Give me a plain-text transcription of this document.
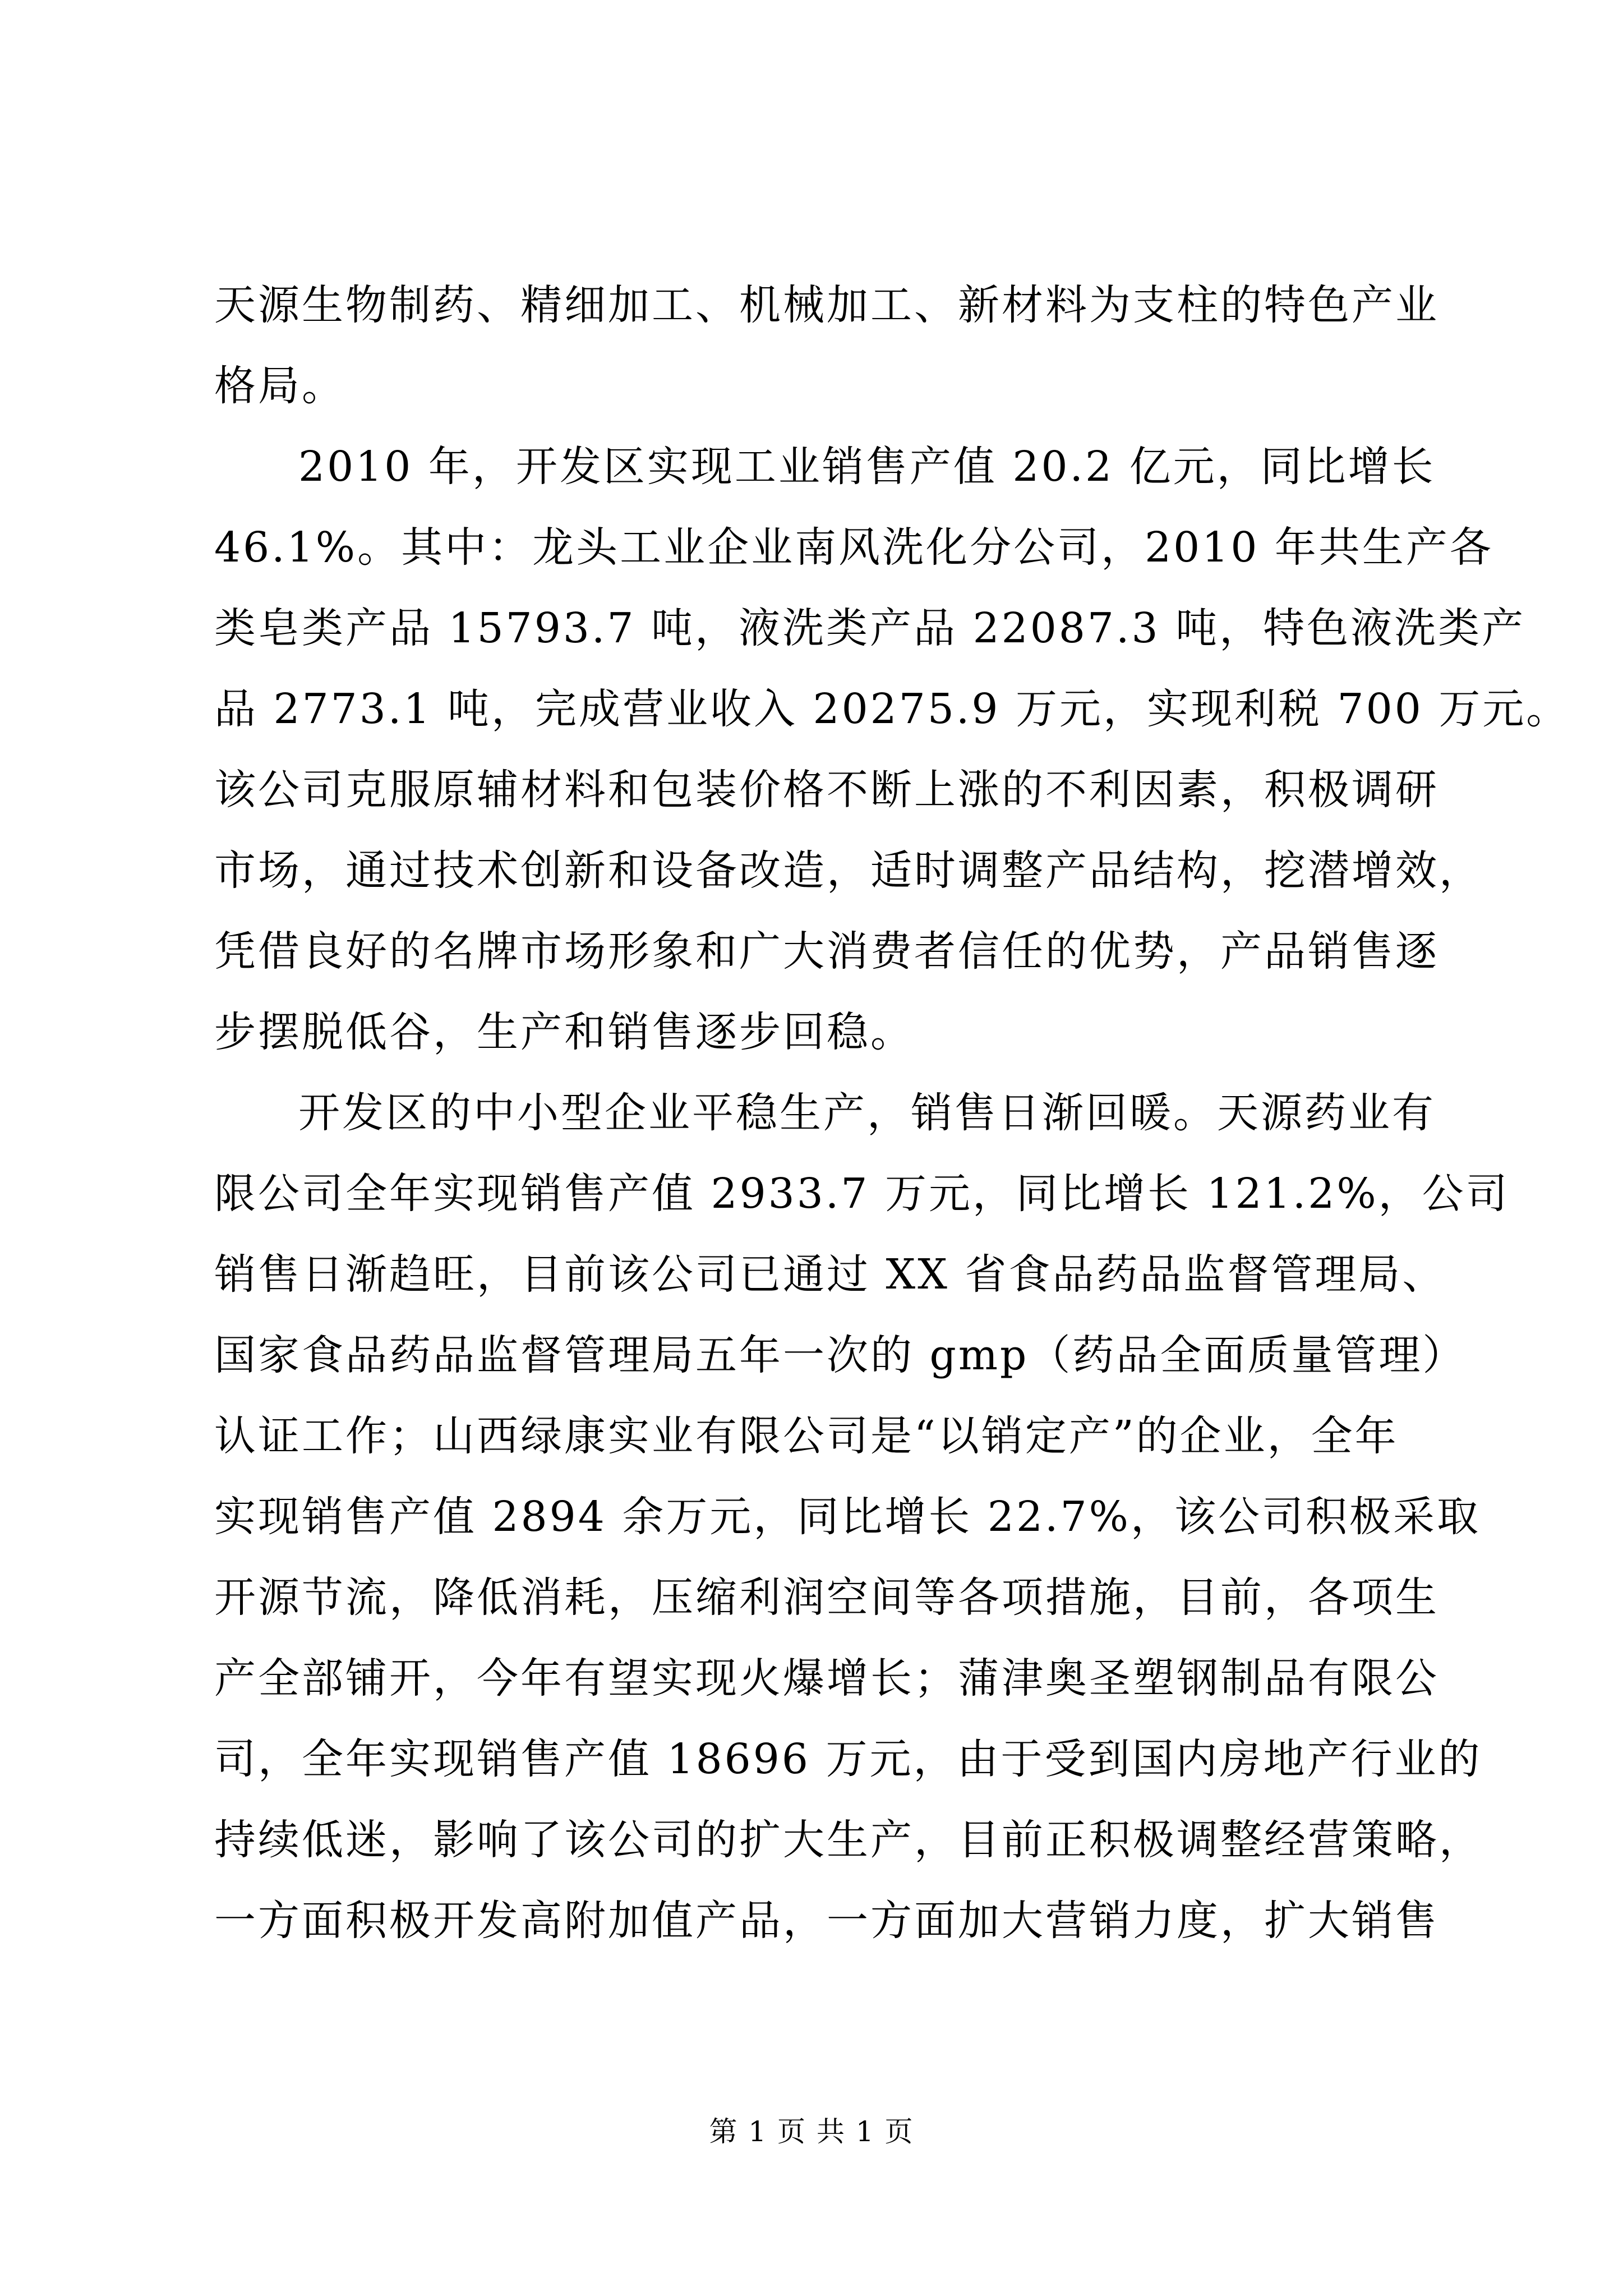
天源生物制药、精细加工、机械加工、新材料为支柱的特色产业
格局。
2010 年，开发区实现工业销售产值 20.2 亿元，同比增长
46.1%。其中：龙头工业企业南风洗化分公司，2010 年共生产各
类皂类产品 15793.7 吨，液洗类产品 22087.3 吨，特色液洗类产
品 2773.1 吨，完成营业收入 20275.9 万元，实现利税 700 万元。
该公司克服原辅材料和包装价格不断上涨的不利因素，积极调研
市场，通过技术创新和设备改造，适时调整产品结构，挖潜增效，
凭借良好的名牌市场形象和广大消费者信任的优势，产品销售逐
步摆脱低谷，生产和销售逐步回稳。
开发区的中小型企业平稳生产，销售日渐回暖。天源药业有
限公司全年实现销售产值 2933.7 万元，同比增长 121.2%，公司
销售日渐趋旺，目前该公司已通过 XX 省食品药品监督管理局、
国家食品药品监督管理局五年一次的 gmp（药品全面质量管理）
认证工作；山西绿康实业有限公司是“以销定产”的企业，全年
实现销售产值 2894 余万元，同比增长 22.7%，该公司积极采取
开源节流，降低消耗，压缩利润空间等各项措施，目前，各项生
产全部铺开，今年有望实现火爆增长；蒲津奥圣塑钢制品有限公
司，全年实现销售产值 18696 万元，由于受到国内房地产行业的
持续低迷，影响了该公司的扩大生产，目前正积极调整经营策略，
一方面积极开发高附加值产品，一方面加大营销力度，扩大销售
第 1 页 共 1 页
